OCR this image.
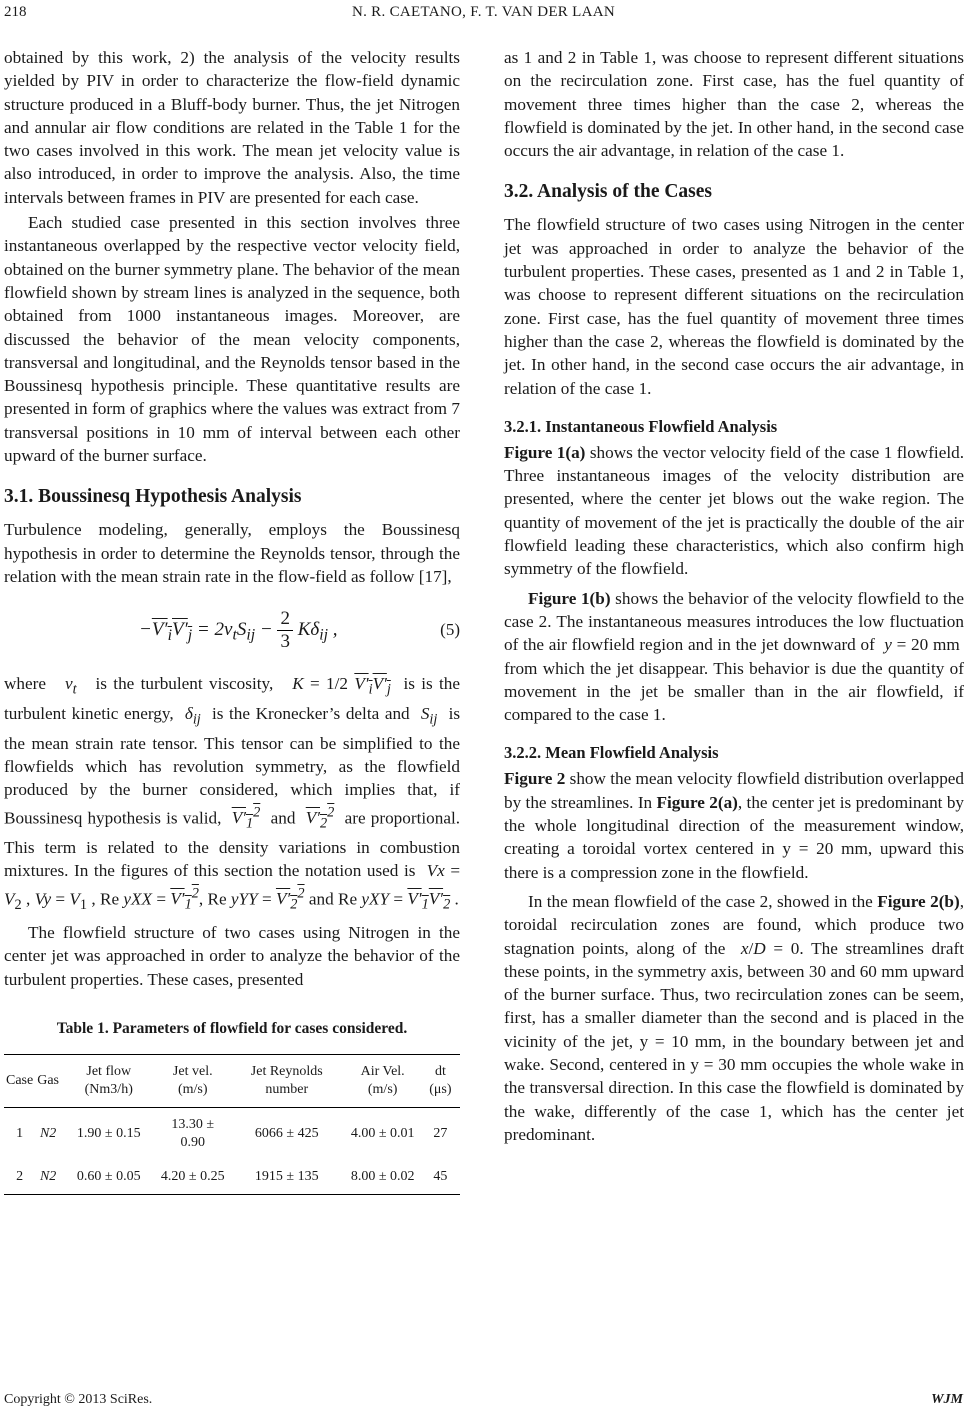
218	N. R. CAETANO, F. T. VAN DER LAAN

obtained by this work, 2) the analysis of the velocity results yielded by PIV in order to characterize the flow-field dynamic structure produced in a Bluff-body burner. Thus, the jet Nitrogen and annular air flow conditions are related in the Table 1 for the two cases involved in this work. The mean jet velocity value is also introduced, in order to improve the analysis. Also, the time intervals between frames in PIV are presented for each case.

Each studied case presented in this section involves three instantaneous overlapped by the respective vector velocity field, obtained on the burner symmetry plane. The behavior of the mean flowfield shown by stream lines is analyzed in the sequence, both obtained from 1000 instantaneous images. Moreover, are discussed the behavior of the mean velocity components, transversal and longitudinal, and the Reynolds tensor based in the Boussinesq hypothesis principle. These quantitative results are presented in form of graphics where the values was extract from 7 transversal positions in 10 mm of interval between each other upward of the burner surface.

3.1. Boussinesq Hypothesis Analysis

Turbulence modeling, generally, employs the Boussinesq hypothesis in order to determine the Reynolds tensor, through the relation with the mean strain rate in the flow-field as follow [17],

$-V'_iV'_j = 2\nu_tS_{ij} - \frac{2}{3} K\delta_{ij}$ ,	(5)

where $\nu_t$ is the turbulent viscosity, K = 1/2 $V'_iV'_j$  is is the turbulent kinetic energy, $\delta_{ij}$ is the Kronecker’s delta and $S_{ij}$ is the mean strain rate tensor. This tensor can be simplified to the flowfields which has revolution symmetry, as the flowfield produced by the burner considered, which implies that, if Boussinesq hypothesis is valid, $V'_1^2$ and $V'_2^2$ are proportional. This term is related to the density variations in combustion mixtures. In the figures of this section the notation used is $Vx = V_2$ , $Vy = V_1$ , Re yXX = $V'_1^2$, Re yYY = $V'_2^2$ and Re yXY = $V'_1V'_2$ .

The flowfield structure of two cases using Nitrogen in the center jet was approached in order to analyze the behavior of the turbulent properties. These cases, presented

Table 1. Parameters of flowfield for cases considered.
Case	Gas	Jet flow (Nm3/h)	Jet vel. (m/s)	Jet Reynolds number	Air Vel. (m/s)	dt (μs)
1	N2	1.90 ± 0.15	13.30 ± 0.90	6066 ± 425	4.00 ± 0.01	27
2	N2	0.60 ± 0.05	4.20 ± 0.25	1915 ± 135	8.00 ± 0.02	45

as 1 and 2 in Table 1, was choose to represent different situations on the recirculation zone. First case, has the fuel quantity of movement three times higher than the case 2, whereas the flowfield is dominated by the jet. In other hand, in the second case occurs the air advantage, in relation of the case 1.

3.2. Analysis of the Cases

The flowfield structure of two cases using Nitrogen in the center jet was approached in order to analyze the behavior of the turbulent properties. These cases, presented as 1 and 2 in Table 1, was choose to represent different situations on the recirculation zone. First case, has the fuel quantity of movement three times higher than the case 2, whereas the flowfield is dominated by the jet. In other hand, in the second case occurs the air advantage, in relation of the case 1.

3.2.1. Instantaneous Flowfield Analysis

Figure 1(a) shows the vector velocity field of the case 1 flowfield. Three instantaneous images of the velocity distribution are presented, where the center jet blows out the wake region. The quantity of movement of the jet is practically the double of the air flowfield leading these characteristics, which also confirm high symmetry of the flowfield.

Figure 1(b) shows the behavior of the velocity flowfield to the case 2. The instantaneous measures introduces the low fluctuation of the air flowfield region and in the jet downward of y = 20 mm  from which the jet disappear. This behavior is due the quantity of movement in the jet be smaller than in the air flowfield, if compared to the case 1.

3.2.2. Mean Flowfield Analysis

Figure 2 show the mean velocity flowfield distribution overlapped by the streamlines. In Figure 2(a), the center jet is predominant by the whole longitudinal direction of the measurement window, creating a toroidal vortex centered in y = 20 mm, upward this there is a compression zone in the flowfield.

In the mean flowfield of the case 2, showed in the Figure 2(b), toroidal recirculation zones are found, which produce two stagnation points, along of the x/D = 0. The streamlines draft these points, in the symmetry axis, between 30 and 60 mm upward of the burner surface. Thus, two recirculation zones can be seem, first, has a smaller diameter than the second and is placed in the vicinity of the jet, y = 10 mm, in the boundary between jet and wake. Second, centered in y = 30 mm occupies the whole wake in the transversal direction. In this case the flowfield is dominated by the wake, differently of the case 1, which has the center jet predominant.

Copyright © 2013 SciRes.	WJM
